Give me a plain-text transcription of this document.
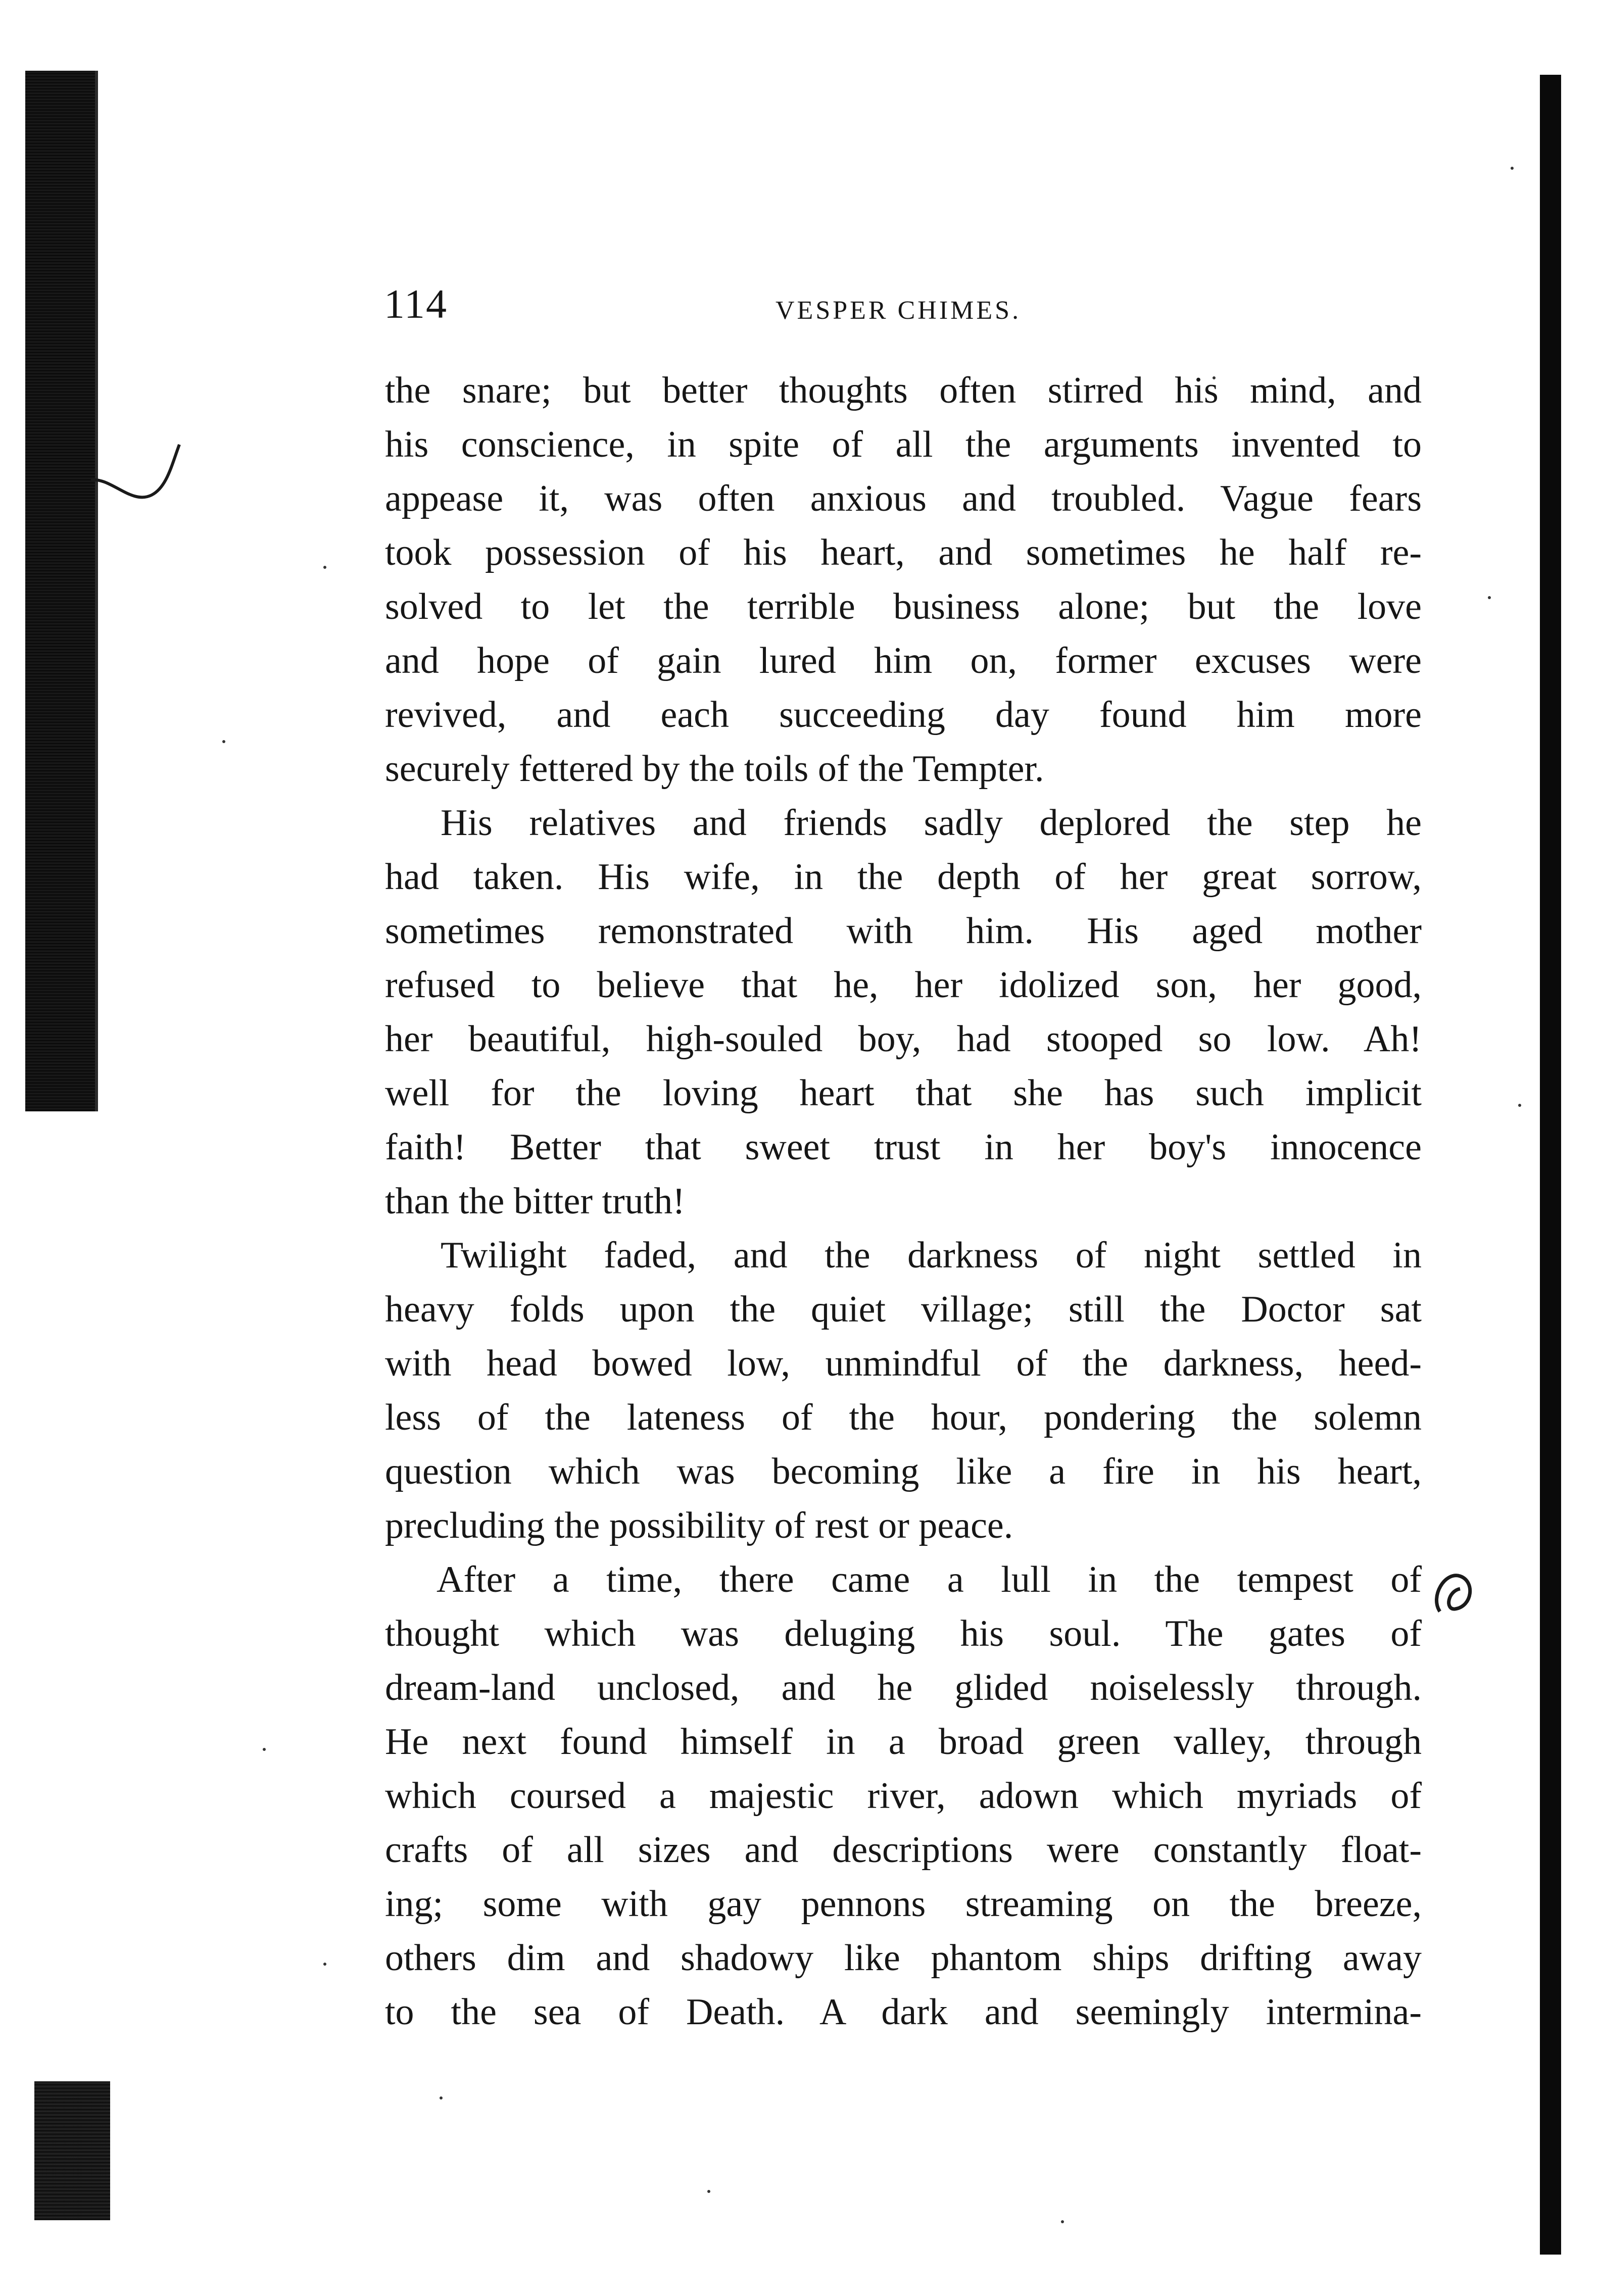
114	VESPER CHIMES.
the snare; but better thoughts often stirred his mind, and
his conscience, in spite of all the arguments invented to
appease it, was often anxious and troubled. Vague fears
took possession of his heart, and sometimes he half re-
solved to let the terrible business alone; but the love
and hope of gain lured him on, former excuses were
revived, and each succeeding day found him more
securely fettered by the toils of the Tempter.
His relatives and friends sadly deplored the step he
had taken. His wife, in the depth of her great sorrow,
sometimes remonstrated with him. His aged mother
refused to believe that he, her idolized son, her good,
her beautiful, high-souled boy, had stooped so low. Ah!
well for the loving heart that she has such implicit
faith! Better that sweet trust in her boy's innocence
than the bitter truth!
Twilight faded, and the darkness of night settled in
heavy folds upon the quiet village; still the Doctor sat
with head bowed low, unmindful of the darkness, heed-
less of the lateness of the hour, pondering the solemn
question which was becoming like a fire in his heart,
precluding the possibility of rest or peace.
After a time, there came a lull in the tempest of
thought which was deluging his soul. The gates of
dream-land unclosed, and he glided noiselessly through.
He next found himself in a broad green valley, through
which coursed a majestic river, adown which myriads of
crafts of all sizes and descriptions were constantly float-
ing; some with gay pennons streaming on the breeze,
others dim and shadowy like phantom ships drifting away
to the sea of Death. A dark and seemingly intermina-
